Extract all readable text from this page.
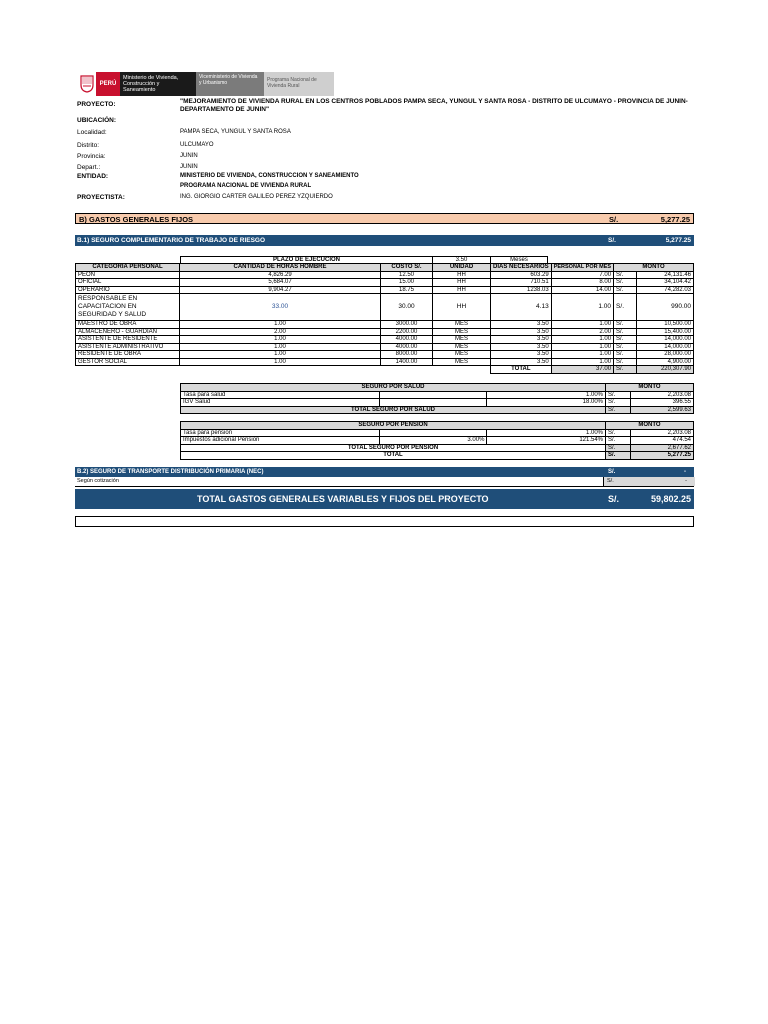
PERÚ
Ministerio de Vivienda, Construcción y Saneamiento
Viceministerio de Vivienda y Urbanismo	Programa Nacional de Vivienda Rural
PROYECTO:	"MEJORAMIENTO DE VIVIENDA RURAL EN LOS CENTROS POBLADOS PAMPA SECA, YUNGUL Y SANTA ROSA - DISTRITO DE ULCUMAYO - PROVINCIA DE JUNIN- DEPARTAMENTO DE JUNIN"
UBICACIÓN:
Localidad:	PAMPA SECA, YUNGUL Y SANTA ROSA
Distrito:	ULCUMAYO
Provincia:	JUNIN
Depart.:	JUNIN
ENTIDAD:	MINISTERIO DE VIVIENDA, CONSTRUCCION Y SANEAMIENTO
PROGRAMA NACIONAL DE VIVIENDA RURAL
PROYECTISTA:	ING. GIORGIO CARTER GALILEO PEREZ YZQUIERDO
B) GASTOS GENERALES FIJOS	S/.	5,277.25
B.1) SEGURO COMPLEMENTARIO DE TRABAJO DE RIESGO	S/.	5,277.25
PLAZO DE EJECUCIÓN	3.50	Meses
CATEGORÍA PERSONAL	CANTIDAD DE HORAS HOMBRE	COSTO S/.	UNIDAD	DÍAS NECESARIOS	PERSONAL POR MES	MONTO	
PEON	4,826.29	12.50	HH	603.29	7.00	S/.	24,131.46
OFICIAL	5,684.07	15.00	HH	710.51	8.00	S/.	34,104.42
OPERARIO	9,904.27	18.75	HH	1238.03	14.00	S/.	74,282.03
RESPONSABLE EN CAPACITACION EN SEGURIDAD Y SALUD	33.00	30.00	HH	4.13	1.00	S/.	990.00
MAESTRO DE OBRA	1.00	3000.00	MES	3.50	1.00	S/.	10,500.00
ALMACENERO - GUARDIAN	2.00	2200.00	MES	3.50	2.00	S/.	15,400.00
ASISTENTE DE RESIDENTE	1.00	4000.00	MES	3.50	1.00	S/.	14,000.00
ASISTENTE ADMINISTRATIVO	1.00	4000.00	MES	3.50	1.00	S/.	14,000.00
RESIDENTE DE OBRA	1.00	8000.00	MES	3.50	1.00	S/.	28,000.00
GESTOR SOCIAL	1.00	1400.00	MES	3.50	1.00	S/.	4,900.00
				TOTAL	37.00	S/.	220,307.90
SEGURO POR SALUD			MONTO	
Tasa para salud		1.00%	S/.	2,203.08
IGV Salud		18.00%	S/.	396.55
TOTAL SEGURO POR SALUD			S/.	2,599.63
SEGURO POR PENSIÓN			MONTO	
Tasa para pension		1.00%	S/.	2,203.08
Impuestos adicional Pension	3.00%	121.54%	S/.	474.54
TOTAL SEGURO POR PENSIÓN			S/.	2,677.62
TOTAL			S/.	5,277.25
B.2) SEGURO DE TRANSPORTE DISTRIBUCIÓN PRIMARIA (NEC)	S/.	-
Según cotización	S/.	-
TOTAL GASTOS GENERALES VARIABLES Y FIJOS DEL PROYECTO	S/.	59,802.25
